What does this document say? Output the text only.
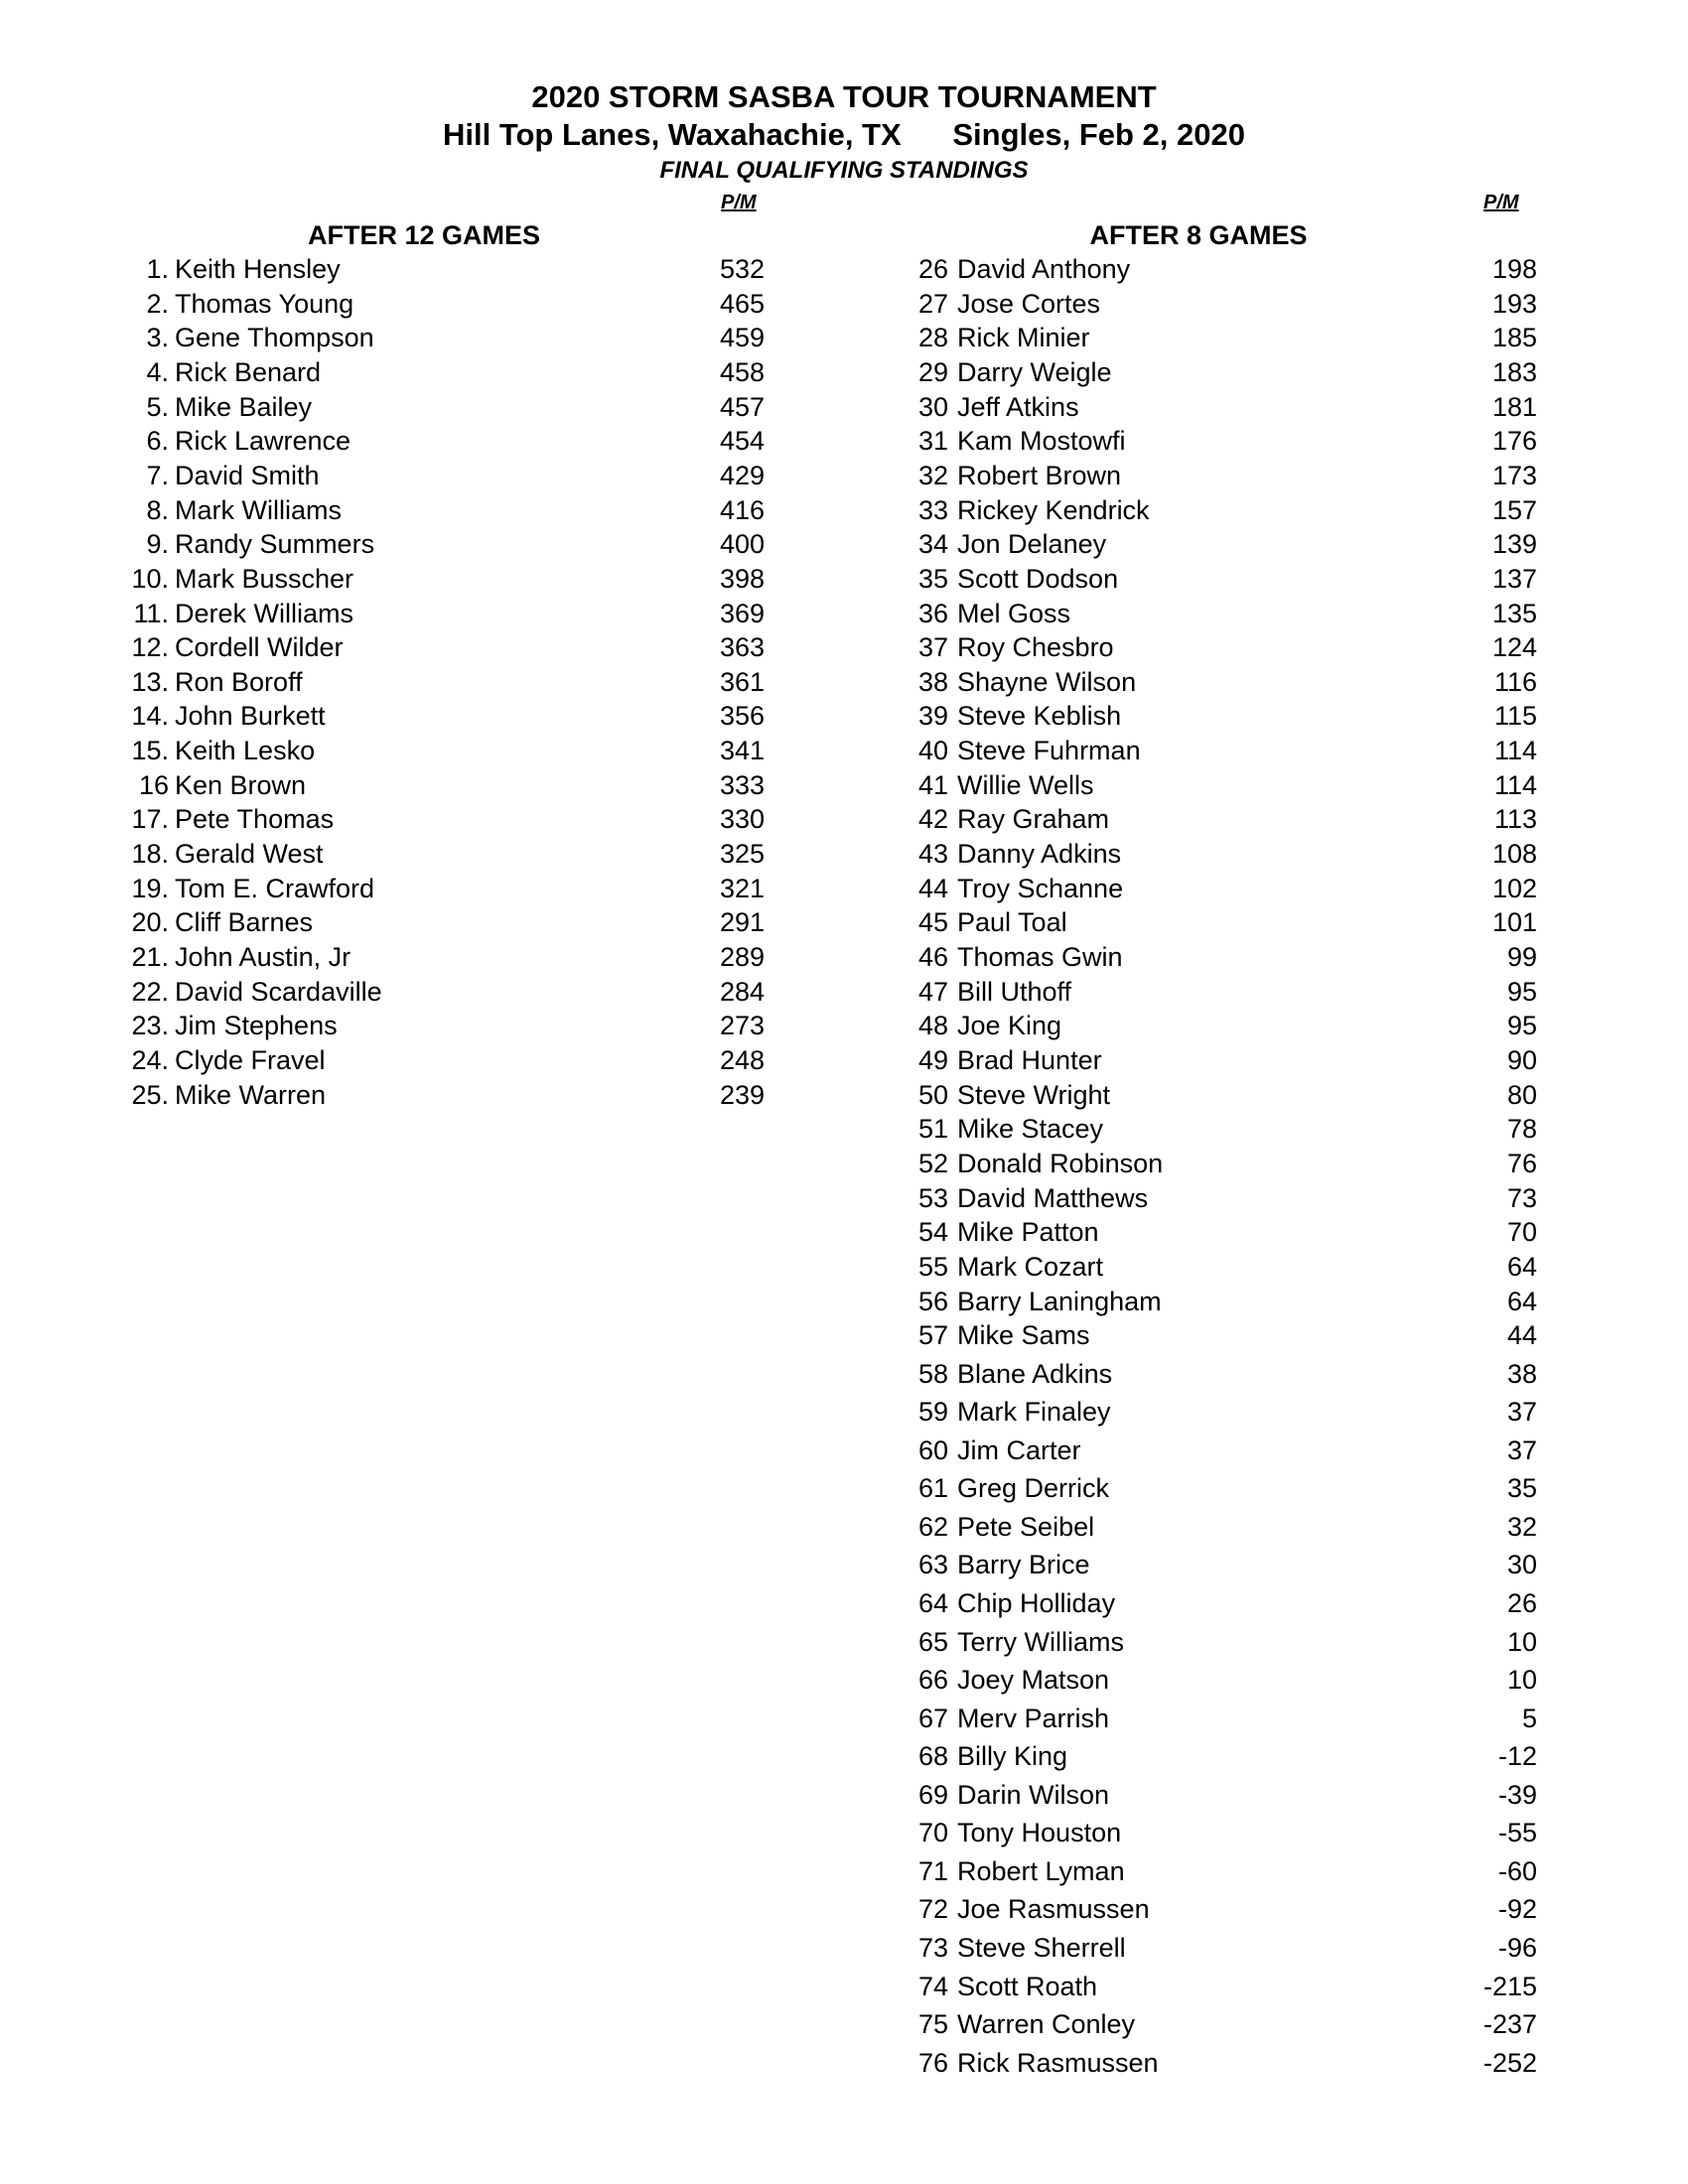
2020 STORM SASBA TOUR TOURNAMENT
Hill Top Lanes, Waxahachie, TX      Singles, Feb 2, 2020
FINAL QUALIFYING STANDINGS
P/M	P/M
AFTER 12 GAMES	AFTER 8 GAMES
1. Keith Hensley	532
2. Thomas Young	465
3. Gene Thompson	459
4. Rick Benard	458
5. Mike Bailey	457
6. Rick Lawrence	454
7. David Smith	429
8. Mark Williams	416
9. Randy Summers	400
10. Mark Busscher	398
11. Derek Williams	369
12. Cordell Wilder	363
13. Ron Boroff	361
14. John Burkett	356
15. Keith Lesko	341
16 Ken Brown	333
17. Pete Thomas	330
18. Gerald West	325
19. Tom E. Crawford	321
20. Cliff Barnes	291
21. John Austin, Jr	289
22. David Scardaville	284
23. Jim Stephens	273
24. Clyde Fravel	248
25. Mike Warren	239
26 David Anthony	198
27 Jose Cortes	193
28 Rick Minier	185
29 Darry Weigle	183
30 Jeff Atkins	181
31 Kam Mostowfi	176
32 Robert Brown	173
33 Rickey Kendrick	157
34 Jon Delaney	139
35 Scott Dodson	137
36 Mel Goss	135
37 Roy Chesbro	124
38 Shayne Wilson	116
39 Steve Keblish	115
40 Steve Fuhrman	114
41 Willie Wells	114
42 Ray Graham	113
43 Danny Adkins	108
44 Troy Schanne	102
45 Paul Toal	101
46 Thomas Gwin	99
47 Bill Uthoff	95
48 Joe King	95
49 Brad Hunter	90
50 Steve Wright	80
51 Mike Stacey	78
52 Donald Robinson	76
53 David Matthews	73
54 Mike Patton	70
55 Mark Cozart	64
56 Barry Laningham	64
57 Mike Sams	44
58 Blane Adkins	38
59 Mark Finaley	37
60 Jim Carter	37
61 Greg Derrick	35
62 Pete Seibel	32
63 Barry Brice	30
64 Chip Holliday	26
65 Terry Williams	10
66 Joey Matson	10
67 Merv Parrish	5
68 Billy King	-12
69 Darin Wilson	-39
70 Tony Houston	-55
71 Robert Lyman	-60
72 Joe Rasmussen	-92
73 Steve Sherrell	-96
74 Scott Roath	-215
75 Warren Conley	-237
76 Rick Rasmussen	-252
